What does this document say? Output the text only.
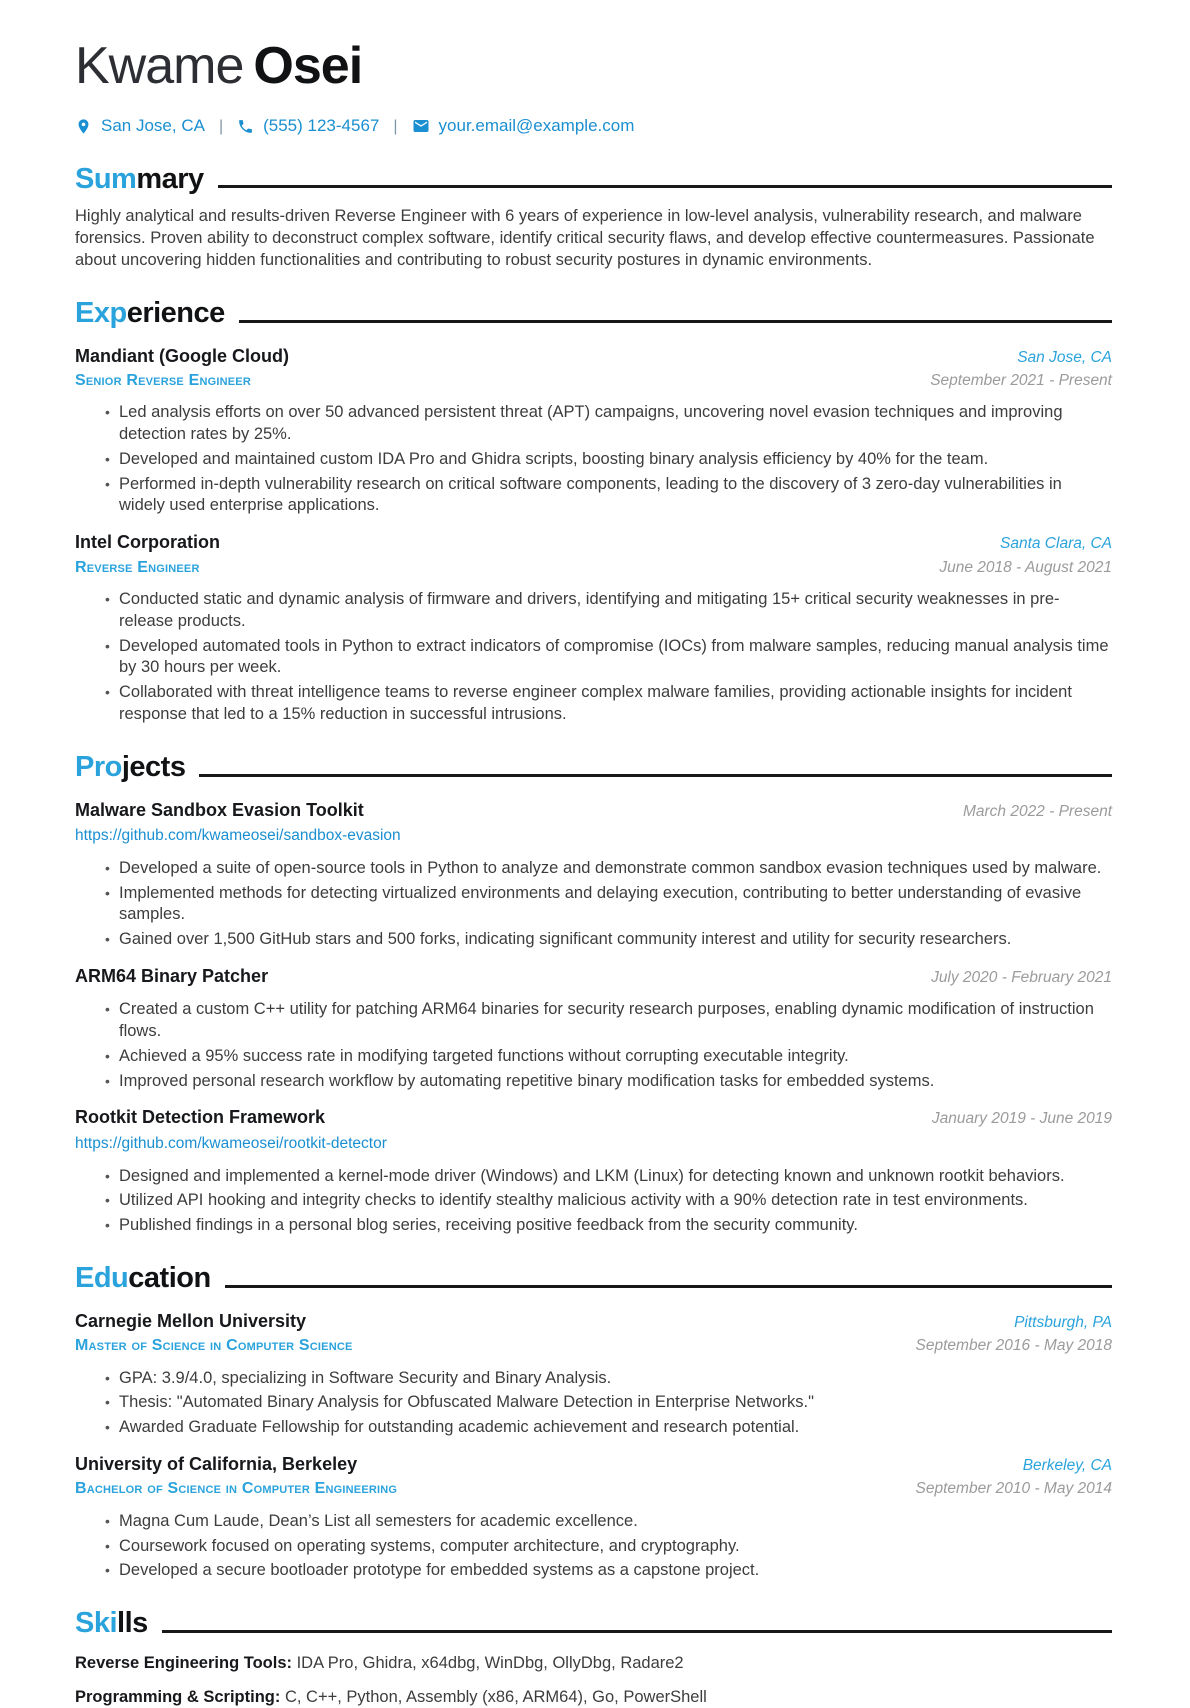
Kwame Osei
San Jose, CA | (555) 123-4567 | your.email@example.com
Summary

Highly analytical and results-driven Reverse Engineer with 6 years of experience in low-level analysis, vulnerability research, and malware forensics. Proven ability to deconstruct complex software, identify critical security flaws, and develop effective countermeasures. Passionate about uncovering hidden functionalities and contributing to robust security postures in dynamic environments.

Experience
Mandiant (Google Cloud)	San Jose, CA
Senior Reverse Engineer	September 2021 - Present
• Led analysis efforts on over 50 advanced persistent threat (APT) campaigns, uncovering novel evasion techniques and improving detection rates by 25%.
• Developed and maintained custom IDA Pro and Ghidra scripts, boosting binary analysis efficiency by 40% for the team.
• Performed in-depth vulnerability research on critical software components, leading to the discovery of 3 zero-day vulnerabilities in widely used enterprise applications.
Intel Corporation	Santa Clara, CA
Reverse Engineer	June 2018 - August 2021
• Conducted static and dynamic analysis of firmware and drivers, identifying and mitigating 15+ critical security weaknesses in pre-release products.
• Developed automated tools in Python to extract indicators of compromise (IOCs) from malware samples, reducing manual analysis time by 30 hours per week.
• Collaborated with threat intelligence teams to reverse engineer complex malware families, providing actionable insights for incident response that led to a 15% reduction in successful intrusions.
Projects
Malware Sandbox Evasion Toolkit	March 2022 - Present
https://github.com/kwameosei/sandbox-evasion
• Developed a suite of open-source tools in Python to analyze and demonstrate common sandbox evasion techniques used by malware.
• Implemented methods for detecting virtualized environments and delaying execution, contributing to better understanding of evasive samples.
• Gained over 1,500 GitHub stars and 500 forks, indicating significant community interest and utility for security researchers.
ARM64 Binary Patcher	July 2020 - February 2021
• Created a custom C++ utility for patching ARM64 binaries for security research purposes, enabling dynamic modification of instruction flows.
• Achieved a 95% success rate in modifying targeted functions without corrupting executable integrity.
• Improved personal research workflow by automating repetitive binary modification tasks for embedded systems.
Rootkit Detection Framework	January 2019 - June 2019
https://github.com/kwameosei/rootkit-detector
• Designed and implemented a kernel-mode driver (Windows) and LKM (Linux) for detecting known and unknown rootkit behaviors.
• Utilized API hooking and integrity checks to identify stealthy malicious activity with a 90% detection rate in test environments.
• Published findings in a personal blog series, receiving positive feedback from the security community.
Education
Carnegie Mellon University	Pittsburgh, PA
Master of Science in Computer Science	September 2016 - May 2018
• GPA: 3.9/4.0, specializing in Software Security and Binary Analysis.
• Thesis: "Automated Binary Analysis for Obfuscated Malware Detection in Enterprise Networks."
• Awarded Graduate Fellowship for outstanding academic achievement and research potential.
University of California, Berkeley	Berkeley, CA
Bachelor of Science in Computer Engineering	September 2010 - May 2014
• Magna Cum Laude, Dean’s List all semesters for academic excellence.
• Coursework focused on operating systems, computer architecture, and cryptography.
• Developed a secure bootloader prototype for embedded systems as a capstone project.
Skills

Reverse Engineering Tools: IDA Pro, Ghidra, x64dbg, WinDbg, OllyDbg, Radare2

Programming & Scripting: C, C++, Python, Assembly (x86, ARM64), Go, PowerShell
